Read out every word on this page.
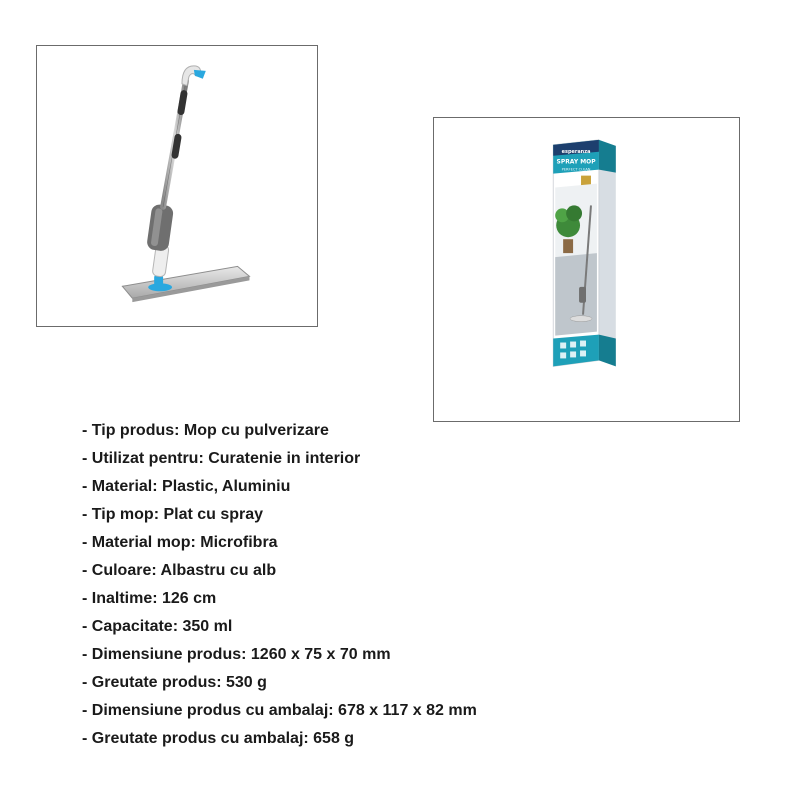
esperanza
SPRAY MOP
PERFECT CLEAN
- Tip produs: Mop cu pulverizare
- Utilizat pentru: Curatenie in interior
- Material: Plastic, Aluminiu
- Tip mop: Plat cu spray
- Material mop: Microfibra
- Culoare: Albastru cu alb
- Inaltime: 126 cm
- Capacitate: 350 ml
- Dimensiune produs: 1260 x 75 x 70 mm
- Greutate produs: 530 g
- Dimensiune produs cu ambalaj: 678 x 117 x 82 mm
- Greutate produs cu ambalaj: 658 g
